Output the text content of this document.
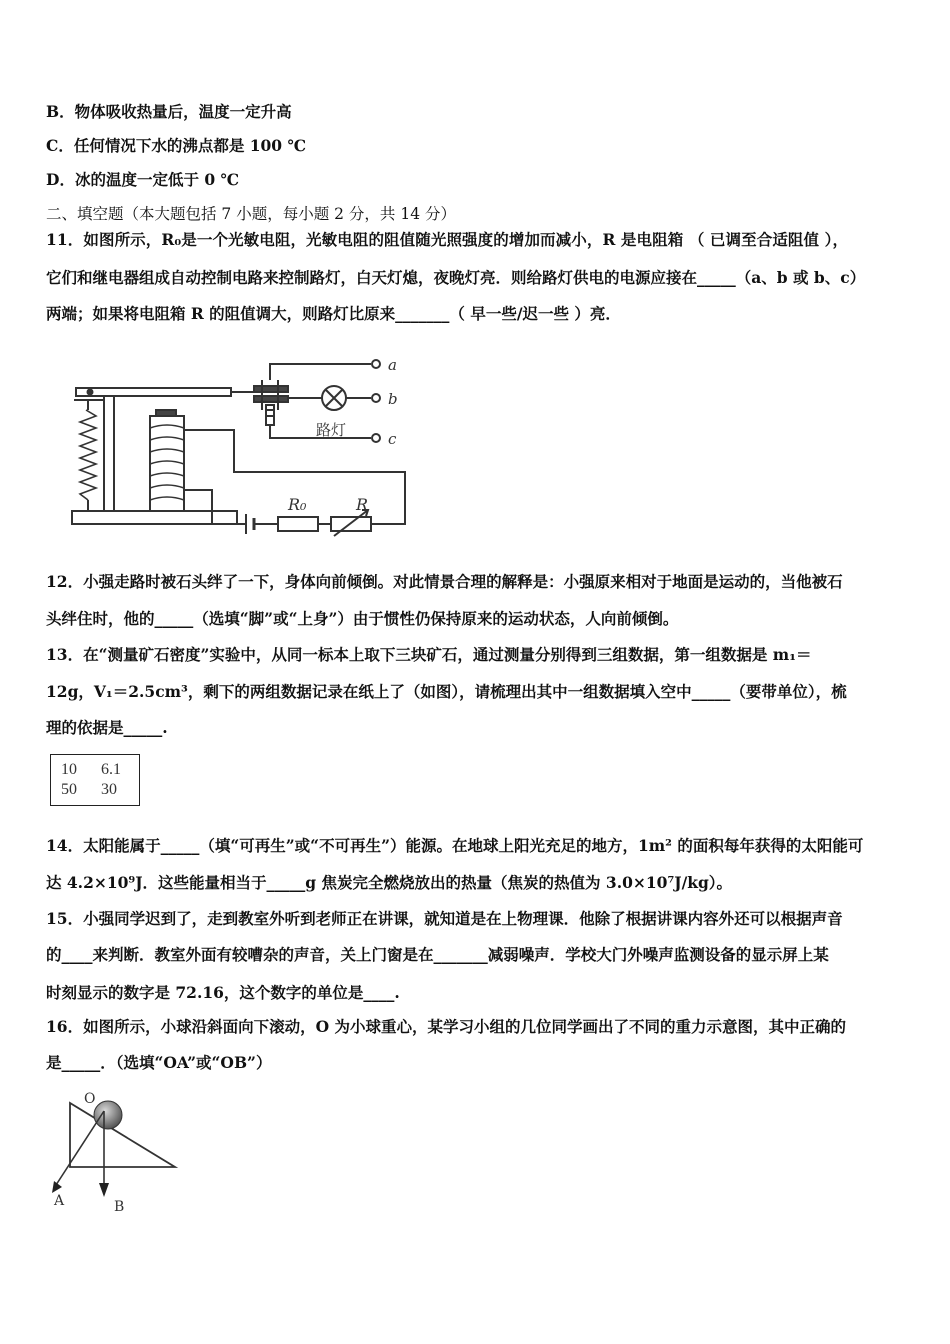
B．物体吸收热量后，温度一定升高
C．任何情况下水的沸点都是 100 ℃
D．冰的温度一定低于 0 ℃
二、填空题（本大题包括 7 小题，每小题 2 分，共 14 分）
11．如图所示，R₀是一个光敏电阻，光敏电阻的阻值随光照强度的增加而减小，R 是电阻箱 （ 已调至合适阻值 ），
它们和继电器组成自动控制电路来控制路灯，白天灯熄，夜晚灯亮．则给路灯供电的电源应接在_____（a、b 或 b、c）
两端；如果将电阻箱 R 的阻值调大，则路灯比原来_______（ 早一些/迟一些 ）亮．
a
b
c
路灯
R₀	R
12．小强走路时被石头绊了一下，身体向前倾倒。对此情景合理的解释是：小强原来相对于地面是运动的，当他被石
头绊住时，他的_____（选填“脚”或“上身”）由于惯性仍保持原来的运动状态，人向前倾倒。
13．在“测量矿石密度”实验中，从同一标本上取下三块矿石，通过测量分别得到三组数据，第一组数据是 m₁＝
12g，V₁＝2.5cm³，剩下的两组数据记录在纸上了（如图），请梳理出其中一组数据填入空中_____（要带单位），梳
理的依据是_____.
10 6.1
50 30
14．太阳能属于_____（填“可再生”或“不可再生”）能源。在地球上阳光充足的地方，1m² 的面积每年获得的太阳能可
达 4.2×10⁹J．这些能量相当于_____g 焦炭完全燃烧放出的热量（焦炭的热值为 3.0×10⁷J/kg）。
15．小强同学迟到了，走到教室外听到老师正在讲课，就知道是在上物理课．他除了根据讲课内容外还可以根据声音
的____来判断．教室外面有较嘈杂的声音，关上门窗是在_______减弱噪声．学校大门外噪声监测设备的显示屏上某
时刻显示的数字是 72.16，这个数字的单位是____.
16．如图所示，小球沿斜面向下滚动，O 为小球重心，某学习小组的几位同学画出了不同的重力示意图，其中正确的
是_____．（选填“OA”或“OB”）
O
A	B
